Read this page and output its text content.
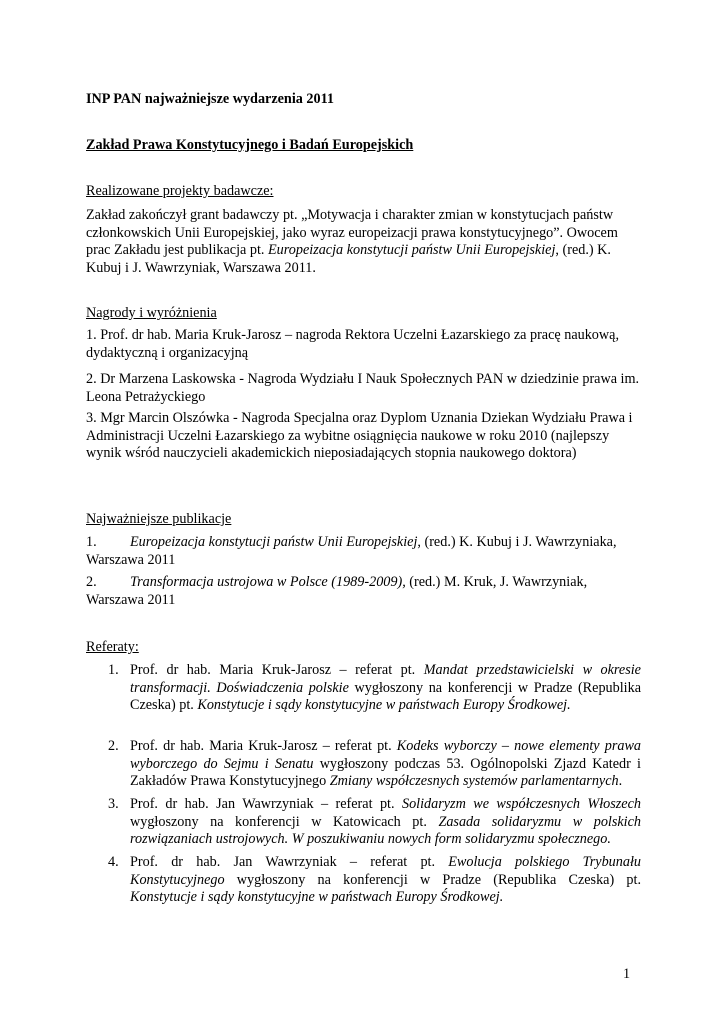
INP PAN najważniejsze wydarzenia 2011
Zakład Prawa Konstytucyjnego i Badań Europejskich
Realizowane projekty badawcze:
Zakład zakończył grant badawczy pt. „Motywacja i charakter zmian w konstytucjach państw członkowskich Unii Europejskiej, jako wyraz europeizacji prawa konstytucyjnego”. Owocem prac Zakładu jest publikacja pt. Europeizacja konstytucji państw Unii Europejskiej, (red.) K. Kubuj i J. Wawrzyniak, Warszawa 2011.
Nagrody i wyróżnienia
1. Prof. dr hab. Maria Kruk-Jarosz – nagroda Rektora Uczelni Łazarskiego za pracę naukową, dydaktyczną i organizacyjną
2. Dr Marzena Laskowska - Nagroda Wydziału I Nauk Społecznych PAN w dziedzinie prawa im. Leona Petrażyckiego
3. Mgr Marcin Olszówka - Nagroda Specjalna oraz Dyplom Uznania Dziekan Wydziału Prawa i Administracji Uczelni Łazarskiego za wybitne osiągnięcia naukowe w roku 2010 (najlepszy wynik wśród nauczycieli akademickich nieposiadających stopnia naukowego doktora)
Najważniejsze publikacje
1. Europeizacja konstytucji państw Unii Europejskiej, (red.) K. Kubuj i J. Wawrzyniaka, Warszawa 2011
2. Transformacja ustrojowa w Polsce (1989-2009), (red.) M. Kruk, J. Wawrzyniak, Warszawa 2011
Referaty:
1. Prof. dr hab. Maria Kruk-Jarosz – referat pt. Mandat przedstawicielski w okresie transformacji. Doświadczenia polskie wygłoszony na konferencji w Pradze (Republika Czeska) pt. Konstytucje i sądy konstytucyjne w państwach Europy Środkowej.
2. Prof. dr hab. Maria Kruk-Jarosz – referat pt. Kodeks wyborczy – nowe elementy prawa wyborczego do Sejmu i Senatu wygłoszony podczas 53. Ogólnopolski Zjazd Katedr i Zakładów Prawa Konstytucyjnego Zmiany współczesnych systemów parlamentarnych.
3. Prof. dr hab. Jan Wawrzyniak – referat pt. Solidaryzm we współczesnych Włoszech wygłoszony na konferencji w Katowicach pt. Zasada solidaryzmu w polskich rozwiązaniach ustrojowych. W poszukiwaniu nowych form solidaryzmu społecznego.
4. Prof. dr hab. Jan Wawrzyniak – referat pt. Ewolucja polskiego Trybunału Konstytucyjnego wygłoszony na konferencji w Pradze (Republika Czeska) pt. Konstytucje i sądy konstytucyjne w państwach Europy Środkowej.
1
